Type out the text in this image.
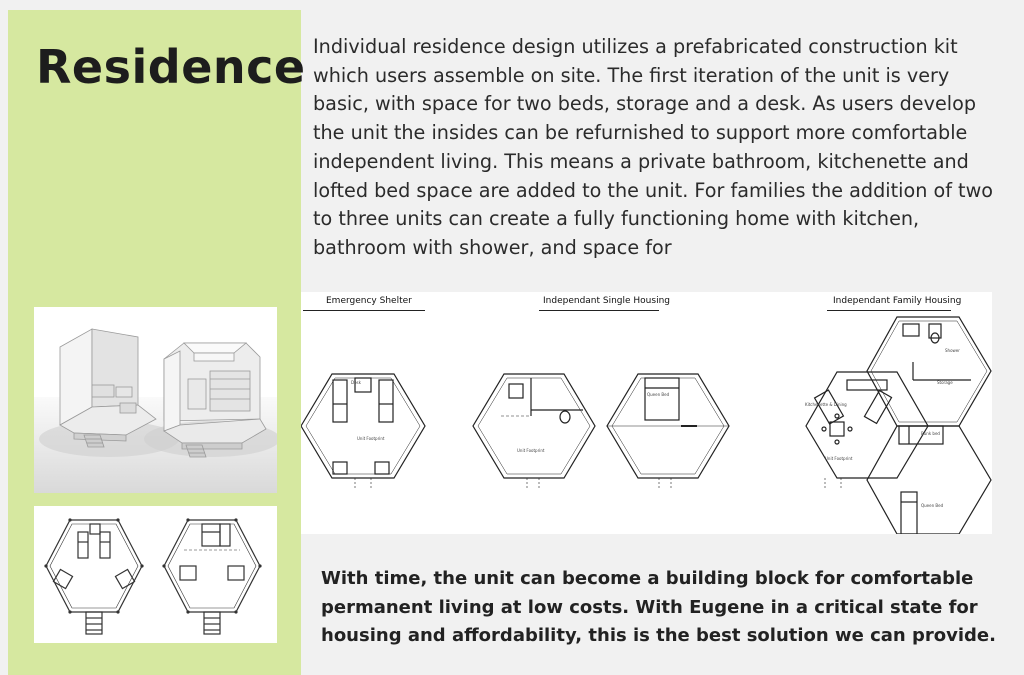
Residence Individual residence design utilizes a prefabricated construction kit which users assemble on site. The first iteration of the unit is very basic, with space for two beds, storage and a desk. As users develop the unit the insides can be refurnished to support more comfortable independent living. This means a private bathroom, kitchenette and lofted bed space are added to the unit. For families the addition of two to three units can create a fully functioning home with kitchen, bathroom with shower, and space for

Emergency Shelter	Independant Single Housing	Independant Family Housing
Desk
Unit Footprint
Unit Footprint
Queen Bed
Kitchenette & Dining
Shower
Storage
Bunk bed
Unit Footprint
Queen Bed

With time, the unit can become a building block for comfortable permanent living at low costs. With Eugene in a critical state for housing and affordability, this is the best solution we can provide.
